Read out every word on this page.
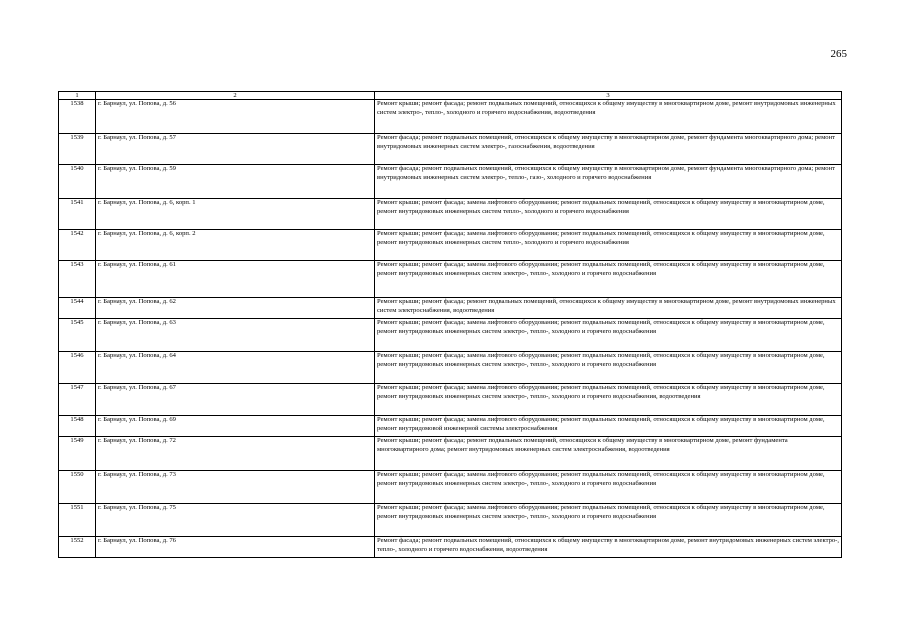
265
1	2	3
1538	г. Барнаул, ул. Попова, д. 56	Ремонт крыши; ремонт фасада; ремонт подвальных помещений, относящихся к общему имуществу в многоквартирном доме, ремонт внутридомовых инженерных систем электро-, тепло-, холодного и горячего водоснабжения, водоотведения
1539	г. Барнаул, ул. Попова, д. 57	Ремонт фасада; ремонт подвальных помещений, относящихся к общему имуществу в многоквартирном доме, ремонт фундамента многоквартирного дома; ремонт внутридомовых инженерных систем электро-, газоснабжения, водоотведения
1540	г. Барнаул, ул. Попова, д. 59	Ремонт фасада; ремонт подвальных помещений, относящихся к общему имуществу в многоквартирном доме, ремонт фундамента многоквартирного дома; ремонт внутридомовых инженерных систем электро-, тепло-, газо-, холодного и горячего водоснабжения
1541	г. Барнаул, ул. Попова, д. 6, корп. 1	Ремонт крыши; ремонт фасада; замена лифтового оборудования; ремонт подвальных помещений, относящихся к общему имуществу в многоквартирном доме, ремонт внутридомовых инженерных систем тепло-, холодного и горячего водоснабжения
1542	г. Барнаул, ул. Попова, д. 6, корп. 2	Ремонт крыши; ремонт фасада; замена лифтового оборудования; ремонт подвальных помещений, относящихся к общему имуществу в многоквартирном доме, ремонт внутридомовых инженерных систем тепло-, холодного и горячего водоснабжения
1543	г. Барнаул, ул. Попова, д. 61	Ремонт крыши; ремонт фасада; замена лифтового оборудования; ремонт подвальных помещений, относящихся к общему имуществу в многоквартирном доме, ремонт внутридомовых инженерных систем электро-, тепло-, холодного и горячего водоснабжения
1544	г. Барнаул, ул. Попова, д. 62	Ремонт крыши; ремонт фасада; ремонт подвальных помещений, относящихся к общему имуществу в многоквартирном доме, ремонт внутридомовых инженерных систем электроснабжения, водоотведения
1545	г. Барнаул, ул. Попова, д. 63	Ремонт крыши; ремонт фасада; замена лифтового оборудования; ремонт подвальных помещений, относящихся к общему имуществу в многоквартирном доме, ремонт внутридомовых инженерных систем электро-, тепло-, холодного и горячего водоснабжения
1546	г. Барнаул, ул. Попова, д. 64	Ремонт крыши; ремонт фасада; замена лифтового оборудования; ремонт подвальных помещений, относящихся к общему имуществу в многоквартирном доме, ремонт внутридомовых инженерных систем электро-, тепло-, холодного и горячего водоснабжения
1547	г. Барнаул, ул. Попова, д. 67	Ремонт крыши; ремонт фасада; замена лифтового оборудования; ремонт подвальных помещений, относящихся к общему имуществу в многоквартирном доме, ремонт внутридомовых инженерных систем электро-, тепло-, холодного и горячего водоснабжения, водоотведения
1548	г. Барнаул, ул. Попова, д. 69	Ремонт крыши; ремонт фасада; замена лифтового оборудования; ремонт подвальных помещений, относящихся к общему имуществу в многоквартирном доме, ремонт внутридомовой инженерной системы электроснабжения
1549	г. Барнаул, ул. Попова, д. 72	Ремонт крыши; ремонт фасада; ремонт подвальных помещений, относящихся к общему имуществу в многоквартирном доме, ремонт фундамента многоквартирного дома; ремонт внутридомовых инженерных систем электроснабжения, водоотведения
1550	г. Барнаул, ул. Попова, д. 73	Ремонт крыши; ремонт фасада; замена лифтового оборудования; ремонт подвальных помещений, относящихся к общему имуществу в многоквартирном доме, ремонт внутридомовых инженерных систем электро-, тепло-, холодного и горячего водоснабжения
1551	г. Барнаул, ул. Попова, д. 75	Ремонт крыши; ремонт фасада; замена лифтового оборудования; ремонт подвальных помещений, относящихся к общему имуществу в многоквартирном доме, ремонт внутридомовых инженерных систем электро-, тепло-, холодного и горячего водоснабжения
1552	г. Барнаул, ул. Попова, д. 76	Ремонт фасада; ремонт подвальных помещений, относящихся к общему имуществу в многоквартирном доме, ремонт внутридомовых инженерных систем электро-, тепло-, холодного и горячего водоснабжения, водоотведения
